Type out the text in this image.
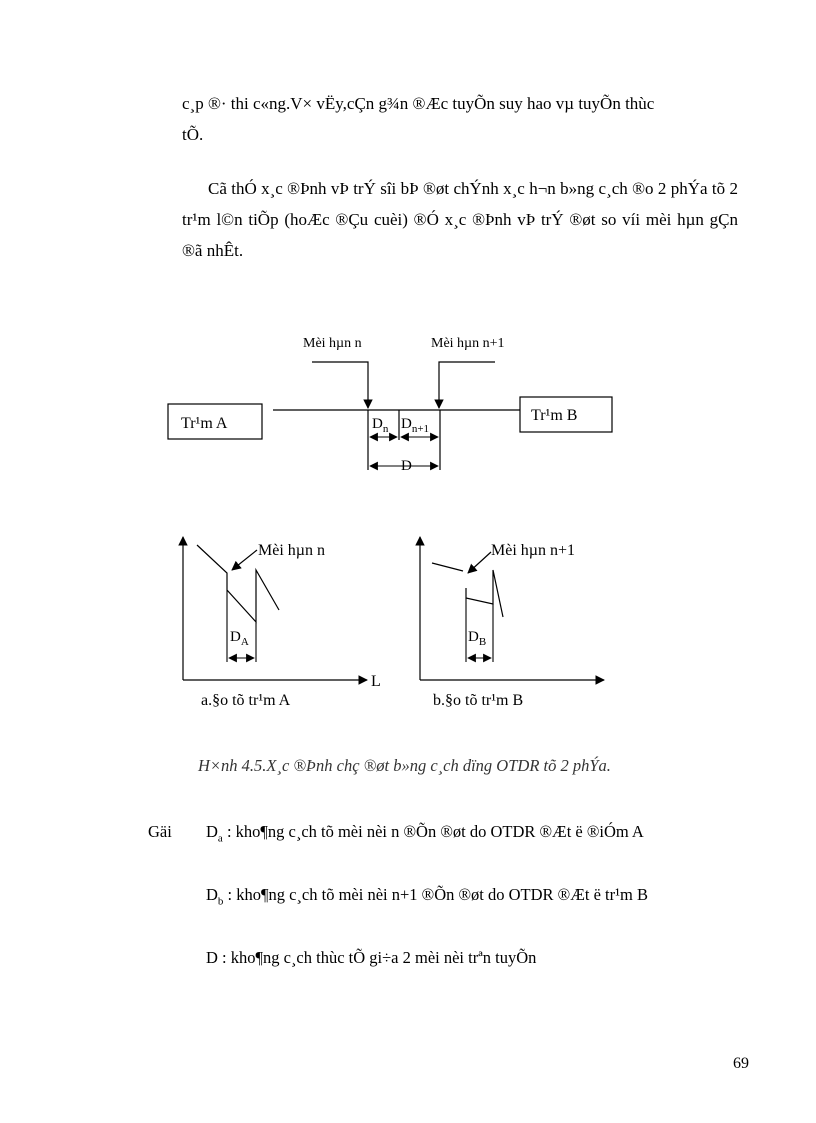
c¸p ®· thi c«ng.V× vËy,cÇn g¾n ®Æc tuyÕn suy hao vµ tuyÕn thùc
tÕ.
Cã thÓ x¸c ®Þnh vÞ trÝ sîi bÞ ®øt chÝnh x¸c h¬n b»ng c¸ch ®o 2 phÝa tõ 2 tr¹m l©n tiÕp (hoÆc ®Çu cuèi) ®Ó x¸c ®Þnh vÞ trÝ ®øt so víi mèi hµn gÇn ®ã nhÊt.
Mèi hµn n	Mèi hµn n+1
Tr¹m A	Tr¹m B
$D_n$ $D_{n+1}$
D
L
Mèi hµn n
$D_A$
a.§o tõ tr¹m A
Mèi hµn n+1
$D_B$
b.§o tõ tr¹m B
H×nh 4.5.X¸c ®Þnh chç ®øt b»ng c¸ch dïng OTDR tõ 2 phÝa.
Gäi $D_a$ : kho¶ng c¸ch tõ mèi nèi n ®Õn ®øt do OTDR ®Æt ë ®iÓm A
$D_b$ : kho¶ng c¸ch tõ mèi nèi n+1 ®Õn ®øt do OTDR ®Æt ë tr¹m B
D : kho¶ng c¸ch thùc tÕ gi÷a 2 mèi nèi trªn tuyÕn
69
